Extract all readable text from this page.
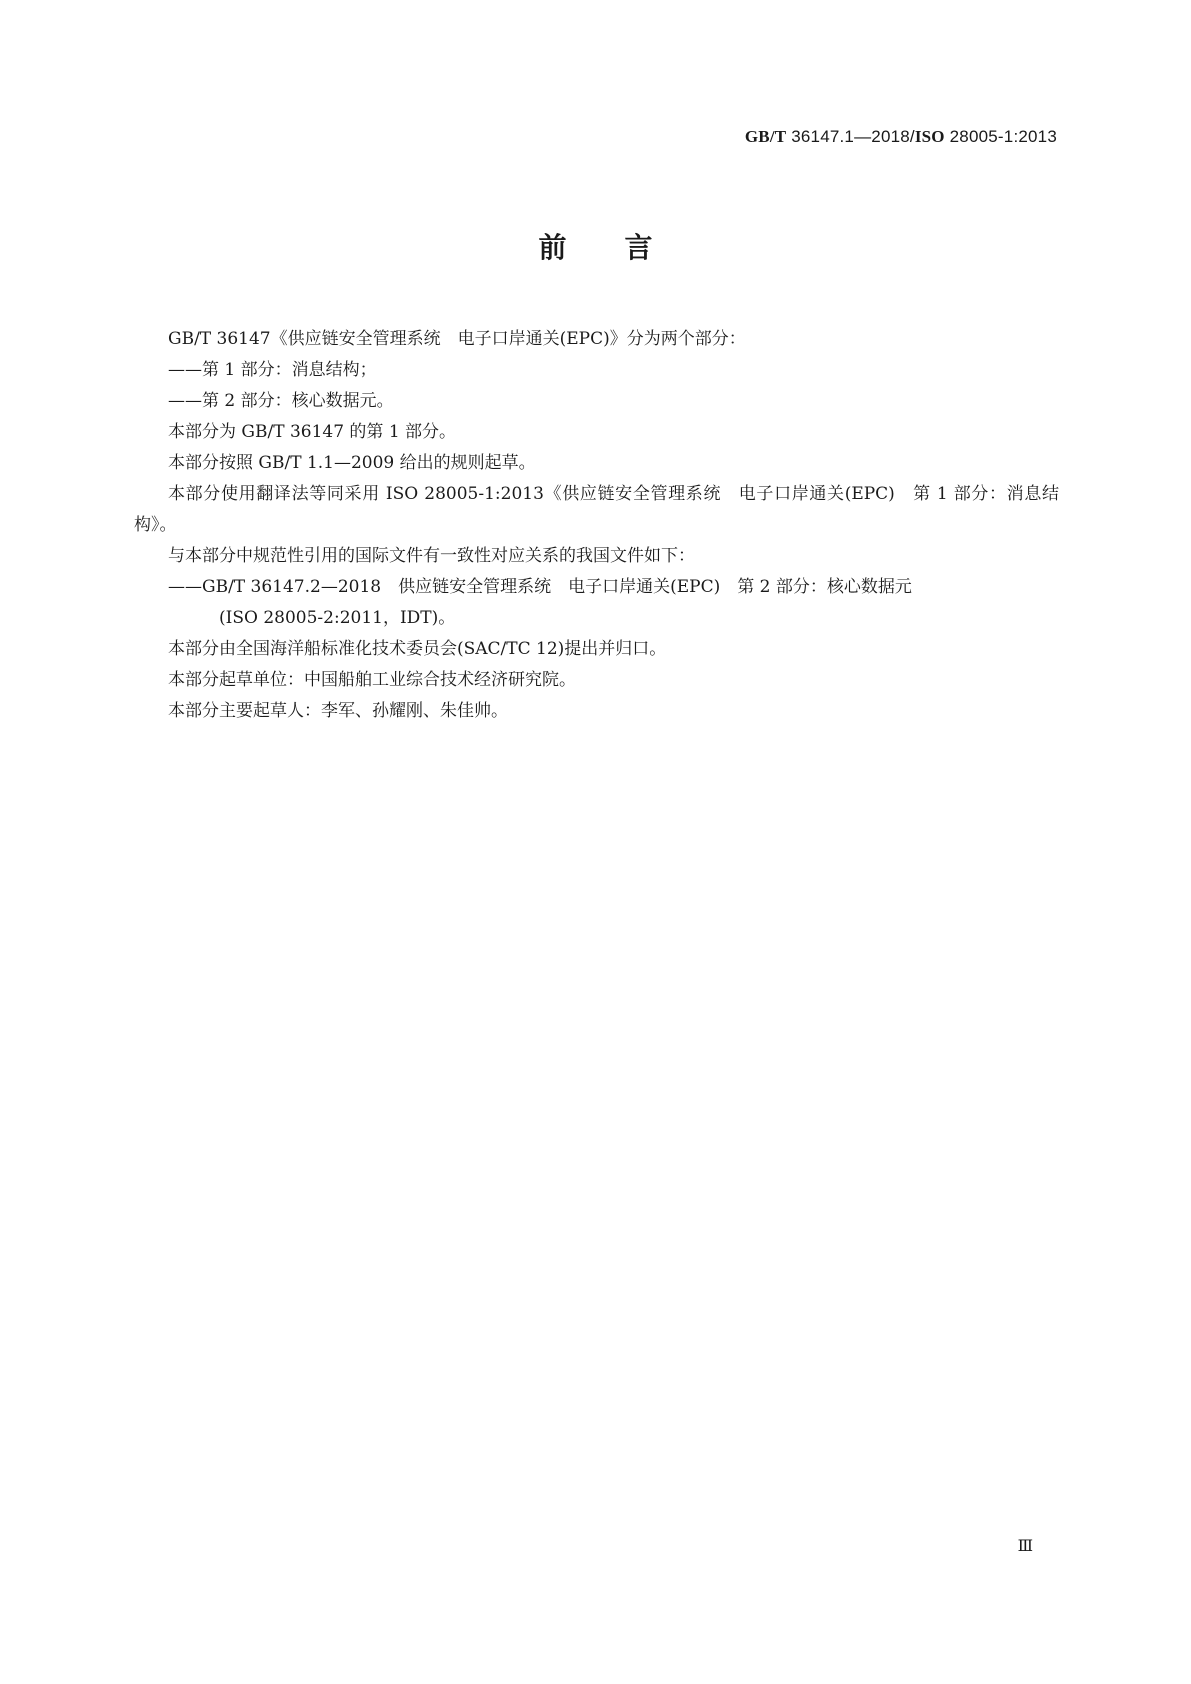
GB/T 36147.1—2018/ISO 28005-1:2013
前言

GB/T 36147《供应链安全管理系统　电子口岸通关(EPC)》分为两个部分：

——第 1 部分：消息结构；

——第 2 部分：核心数据元。

本部分为 GB/T 36147 的第 1 部分。

本部分按照 GB/T 1.1—2009 给出的规则起草。

本部分使用翻译法等同采用 ISO 28005-1:2013《供应链安全管理系统　电子口岸通关(EPC)　第 1 部分：消息结构》。

与本部分中规范性引用的国际文件有一致性对应关系的我国文件如下：

——GB/T 36147.2—2018　供应链安全管理系统　电子口岸通关(EPC)　第 2 部分：核心数据元

(ISO 28005-2:2011，IDT)。

本部分由全国海洋船标准化技术委员会(SAC/TC 12)提出并归口。

本部分起草单位：中国船舶工业综合技术经济研究院。

本部分主要起草人：李军、孙耀刚、朱佳帅。

Ⅲ
